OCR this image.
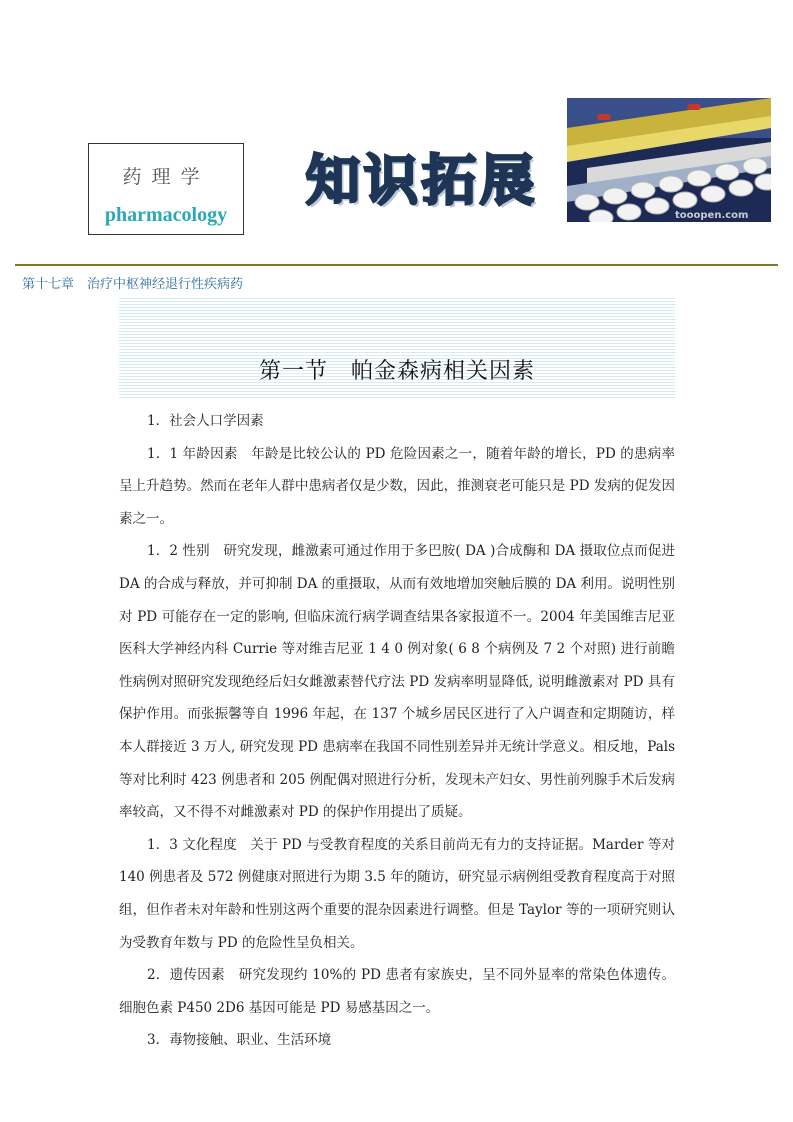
药理学
pharmacology
知识拓展
tooopen.com
第十七章　治疗中枢神经退行性疾病药
第一节　帕金森病相关因素

1．社会人口学因素

1．1 年龄因素　年龄是比较公认的 PD 危险因素之一，随着年龄的增长，PD 的患病率呈上升趋势。然而在老年人群中患病者仅是少数，因此，推测衰老可能只是 PD 发病的促发因素之一。

1．2 性别　研究发现，雌激素可通过作用于多巴胺( DA )合成酶和 DA 摄取位点而促进 DA 的合成与释放，并可抑制 DA 的重摄取，从而有效地增加突触后膜的 DA 利用。说明性别对 PD 可能存在一定的影响, 但临床流行病学调查结果各家报道不一。2004 年美国维吉尼亚医科大学神经内科 Currie 等对维吉尼亚 1 4 0 例对象( 6 8 个病例及 7 2 个对照) 进行前瞻性病例对照研究发现绝经后妇女雌激素替代疗法 PD 发病率明显降低, 说明雌激素对 PD 具有保护作用。而张振馨等自 1996 年起，在 137 个城乡居民区进行了入户调查和定期随访，样本人群接近 3 万人, 研究发现 PD 患病率在我国不同性别差异并无统计学意义。相反地，Pals 等对比利时 423 例患者和 205 例配偶对照进行分析，发现未产妇女、男性前列腺手术后发病率较高，又不得不对雌激素对 PD 的保护作用提出了质疑。

1．3 文化程度　关于 PD 与受教育程度的关系目前尚无有力的支持证据。Marder 等对 140 例患者及 572 例健康对照进行为期 3.5 年的随访，研究显示病例组受教育程度高于对照组，但作者未对年龄和性别这两个重要的混杂因素进行调整。但是 Taylor 等的一项研究则认为受教育年数与 PD 的危险性呈负相关。

2．遗传因素　研究发现约 10%的 PD 患者有家族史，呈不同外显率的常染色体遗传。细胞色素 P450 2D6 基因可能是 PD 易感基因之一。

3．毒物接触、职业、生活环境
